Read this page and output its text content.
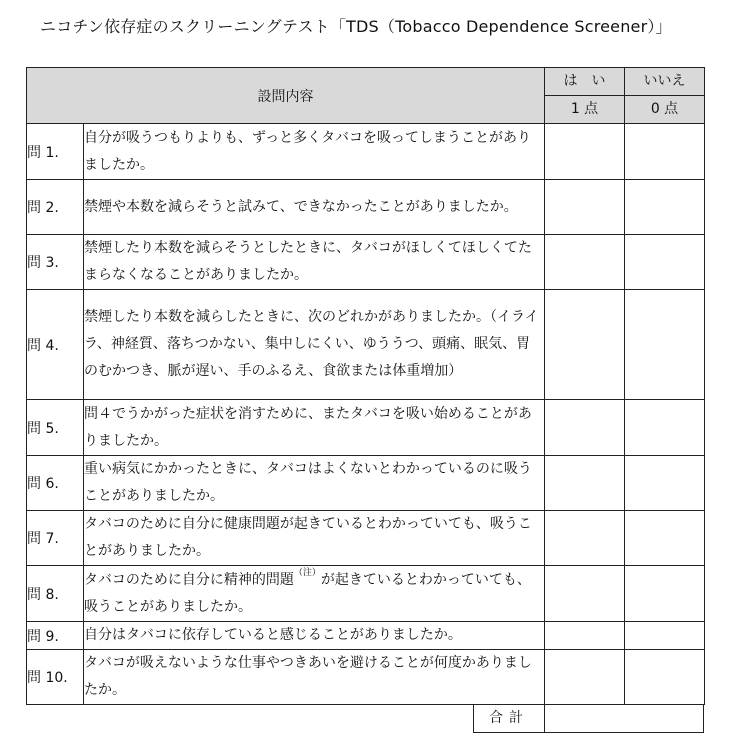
ニコチン依存症のスクリーニングテスト「TDS（Tobacco Dependence Screener）」
設問内容		は　い	いいえ

		1 点	0 点

問 1.	自分が吸うつもりよりも、ずっと多くタバコを吸ってしまうことがありましたか。		
問 2.	禁煙や本数を減らそうと試みて、できなかったことがありましたか。		
問 3.	禁煙したり本数を減らそうとしたときに、タバコがほしくてほしくてたまらなくなることがありましたか。		
問 4.	禁煙したり本数を減らしたときに、次のどれかがありましたか。（イライラ、神経質、落ちつかない、集中しにくい、ゆううつ、頭痛、眠気、胃のむかつき、脈が遅い、手のふるえ、食欲または体重増加）		
問 5.	問４でうかがった症状を消すために、またタバコを吸い始めることがありましたか。		
問 6.	重い病気にかかったときに、タバコはよくないとわかっているのに吸うことがありましたか。		
問 7.	タバコのために自分に健康問題が起きているとわかっていても、吸うことがありましたか。		
問 8.	タバコのために自分に精神的問題$^{(注)}$が起きているとわかっていても、吸うことがありましたか。		
問 9.	自分はタバコに依存していると感じることがありましたか。		
問 10.	タバコが吸えないような仕事やつきあいを避けることが何度かありましたか。		
合計
